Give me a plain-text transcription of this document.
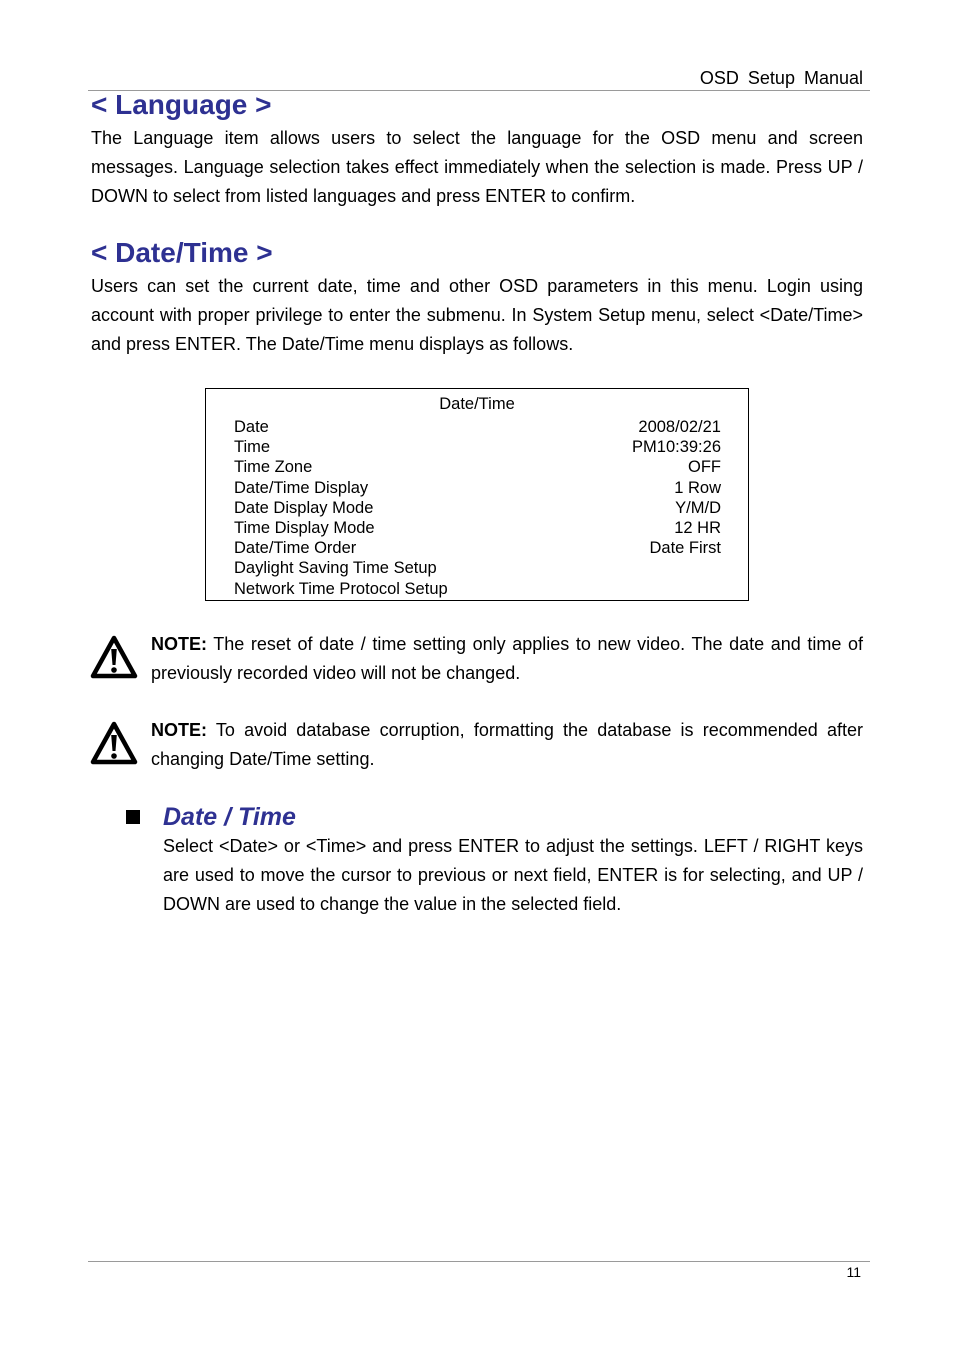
OSD Setup Manual
< Language >

The Language item allows users to select the language for the OSD menu and screen messages. Language selection takes effect immediately when the selection is made. Press UP / DOWN to select from listed languages and press ENTER to confirm.

< Date/Time >

Users can set the current date, time and other OSD parameters in this menu. Login using account with proper privilege to enter the submenu. In System Setup menu, select <Date/Time> and press ENTER. The Date/Time menu displays as follows.

Date/Time
Date	2008/02/21
Time	PM10:39:26
Time Zone	OFF
Date/Time Display	1 Row
Date Display Mode	Y/M/D
Time Display Mode	12 HR
Date/Time Order	Date First
Daylight Saving Time Setup
Network Time Protocol Setup

NOTE: The reset of date / time setting only applies to new video. The date and time of previously recorded video will not be changed.

NOTE: To avoid database corruption, formatting the database is recommended after changing Date/Time setting.

Date / Time

Select <Date> or <Time> and press ENTER to adjust the settings. LEFT / RIGHT keys are used to move the cursor to previous or next field, ENTER is for selecting, and UP / DOWN are used to change the value in the selected field.

11
